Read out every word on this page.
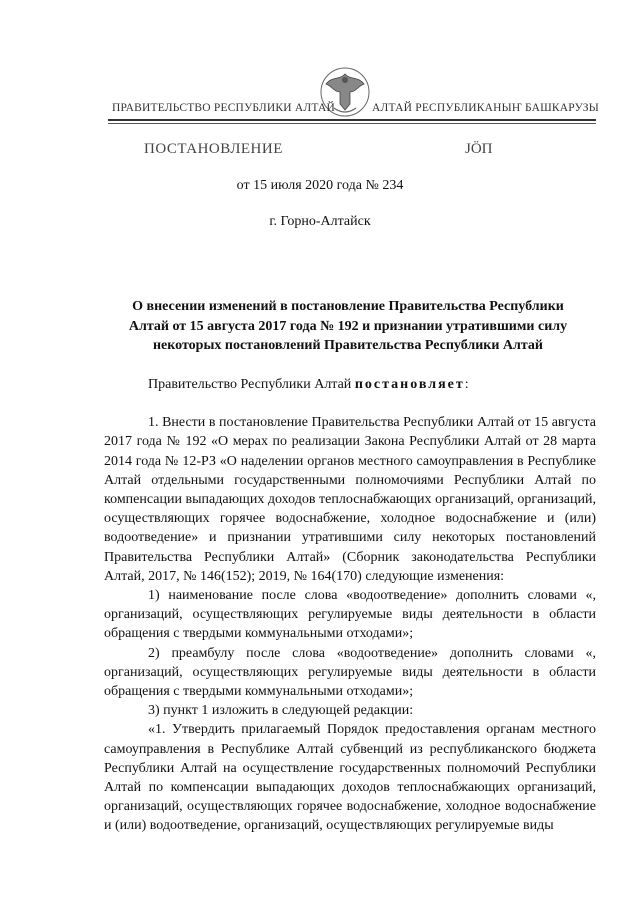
ПРАВИТЕЛЬСТВО РЕСПУБЛИКИ АЛТАЙ	АЛТАЙ РЕСПУБЛИКАНЫҤ БАШКАРУЗЫ
ПОСТАНОВЛЕНИЕ	ЈӦП
от 15 июля 2020 года № 234
г. Горно-Алтайск
О внесении изменений в постановление Правительства Республики Алтай от 15 августа 2017 года № 192 и признании утратившими силу некоторых постановлений Правительства Республики Алтай

Правительство Республики Алтай постановляет:

1. Внести в постановление Правительства Республики Алтай от 15 августа 2017 года № 192 «О мерах по реализации Закона Республики Алтай от 28 марта 2014 года № 12-РЗ «О наделении органов местного самоуправления в Республике Алтай отдельными государственными полномочиями Республики Алтай по компенсации выпадающих доходов теплоснабжающих организаций, организаций, осуществляющих горячее водоснабжение, холодное водоснабжение и (или) водоотведение» и признании утратившими силу некоторых постановлений Правительства Республики Алтай» (Сборник законодательства Республики Алтай, 2017, № 146(152); 2019, № 164(170) следующие изменения:

1) наименование после слова «водоотведение» дополнить словами «, организаций, осуществляющих регулируемые виды деятельности в области обращения с твердыми коммунальными отходами»;

2) преамбулу после слова «водоотведение» дополнить словами «, организаций, осуществляющих регулируемые виды деятельности в области обращения с твердыми коммунальными отходами»;

3) пункт 1 изложить в следующей редакции:

«1. Утвердить прилагаемый Порядок предоставления органам местного самоуправления в Республике Алтай субвенций из республиканского бюджета Республики Алтай на осуществление государственных полномочий Республики Алтай по компенсации выпадающих доходов теплоснабжающих организаций, организаций, осуществляющих горячее водоснабжение, холодное водоснабжение и (или) водоотведение, организаций, осуществляющих регулируемые виды
